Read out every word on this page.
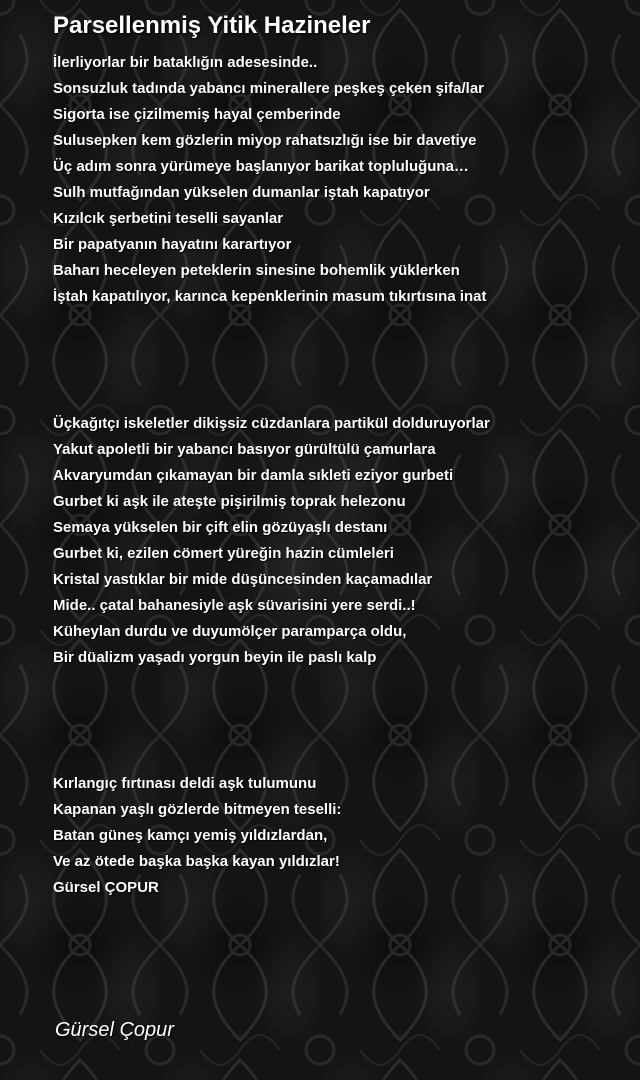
Parsellenmiş Yitik Hazineler
İlerliyorlar bir bataklığın adesesinde..
Sonsuzluk tadında yabancı minerallere peşkeş çeken şifa/lar
Sigorta ise çizilmemiş hayal çemberinde
Sulusepken kem gözlerin miyop rahatsızlığı ise bir davetiye
Üç adım sonra yürümeye başlanıyor barikat topluluğuna…
Sulh mutfağından yükselen dumanlar iştah kapatıyor
Kızılcık şerbetini teselli sayanlar
Bir papatyanın hayatını karartıyor
Baharı heceleyen peteklerin sinesine bohemlik yüklerken
İştah kapatılıyor, karınca kepenklerinin masum tıkırtısına inat
Üçkağıtçı iskeletler dikişsiz cüzdanlara partikül dolduruyorlar
Yakut apoletli bir yabancı basıyor gürültülü çamurlara
Akvaryumdan çıkamayan bir damla sıkleti eziyor gurbeti
Gurbet ki aşk ile ateşte pişirilmiş toprak helezonu
Semaya yükselen bir çift elin gözüyaşlı destanı
Gurbet ki, ezilen cömert yüreğin hazin cümleleri
Kristal yastıklar bir mide düşüncesinden kaçamadılar
Mide.. çatal bahanesiyle aşk süvarisini yere serdi..!
Küheylan durdu ve duyumölçer paramparça oldu,
Bir düalizm yaşadı yorgun beyin ile paslı kalp
Kırlangıç fırtınası deldi aşk tulumunu
Kapanan yaşlı gözlerde bitmeyen teselli:
Batan güneş kamçı yemiş yıldızlardan,
Ve az ötede başka başka kayan yıldızlar!
Gürsel ÇOPUR
Gürsel Çopur
